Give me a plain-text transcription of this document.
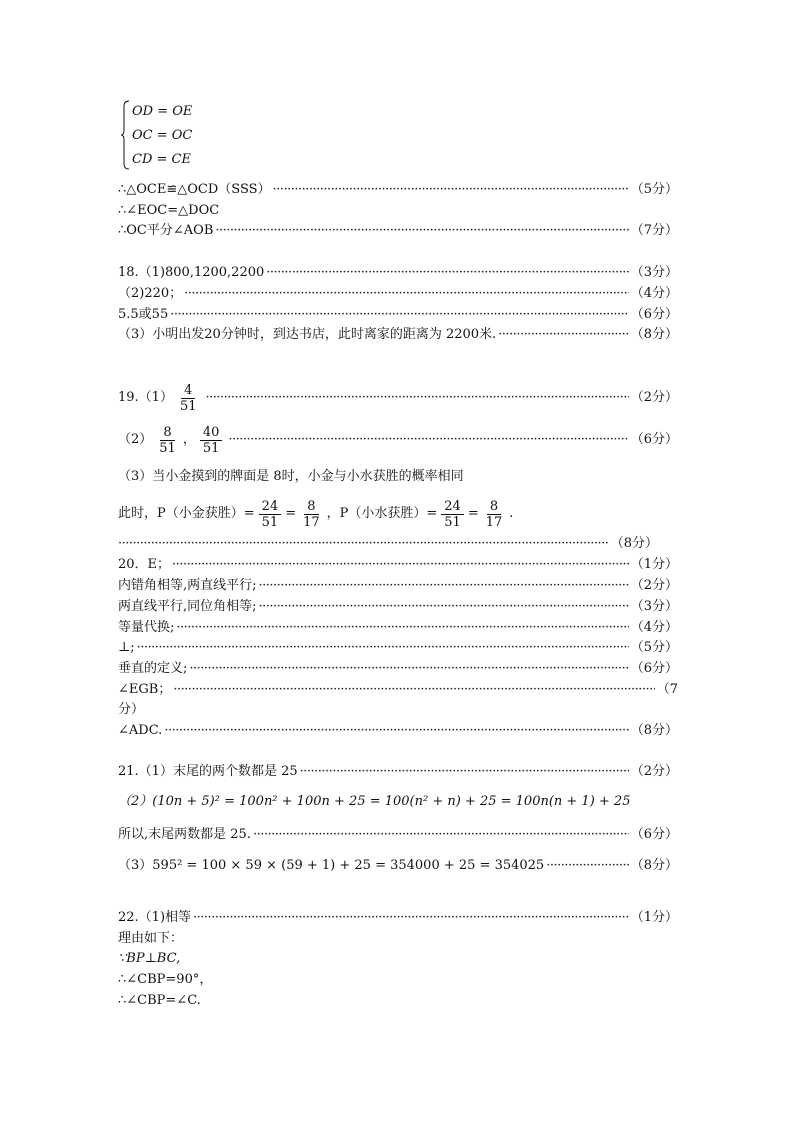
OD = OE
OC = OC
CD = CE
∴△OCE≌△OCD（SSS） ·····	（5分）
∴∠EOC=△DOC
∴OC平分∠AOB ·····	（7分）
18.（1)800,1200,2200 ·····	（3分）
（2)220； ·····	（4分）
5.5或55 ·····	（6分）
（3）小明出发20分钟时，到达书店，此时离家的距离为 2200米. ·····	（8分）
$19.(1) \frac{4}{51}$ ·····	（2分）
$(2) \frac{8}{51}$ ， $\frac{40}{51}$ ·····	（6分）
（3）当小金摸到的牌面是 8时，小金与小水获胜的概率相同
此时，P（小金获胜）= $\frac{24}{51} = \frac{8}{17}$ ，P（小水获胜）= $\frac{24}{51} = \frac{8}{17}$ .
·····
（8分）
20．E； ·····	（1分）
内错角相等,两直线平行; ·····	（2分）
两直线平行,同位角相等; ·····	（3分）
等量代换; ·····	（4分）
⊥; ·····	（5分）
垂直的定义; ·····	（6分）
∠EGB； ·····	（7
分）
∠ADC. ·····	（8分）
21.（1）末尾的两个数都是 25 ·····	（2分）
（2）(10n + 5)² = 100n² + 100n + 25 = 100(n² + n) + 25 = 100n(n + 1) + 25
所以,末尾两数都是 25. ·····	（6分）
（3）595² = 100 × 59 × (59 + 1) + 25 = 354000 + 25 = 354025 ·····	（8分）
22.（1)相等 ·····	（1分）
理由如下：
∵BP⊥BC,
∴∠CBP=90°，
∴∠CBP=∠C.
